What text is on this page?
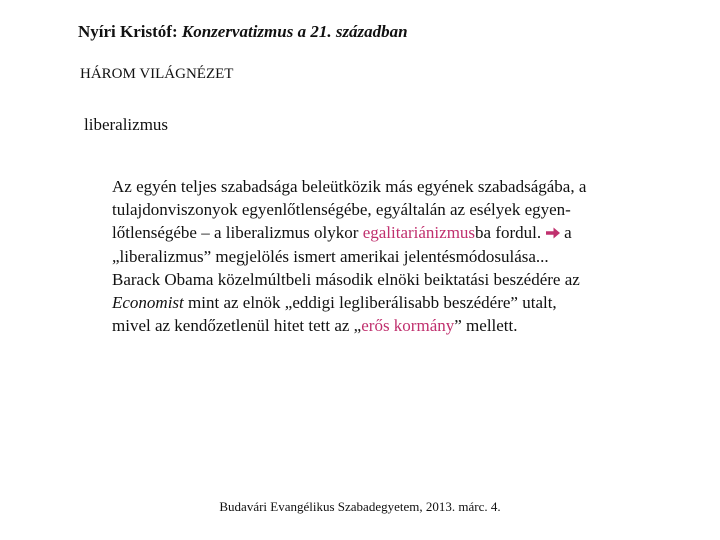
Nyíri Kristóf: Konzervatizmus a 21. században
HÁROM VILÁGNÉZET
liberalizmus
Az egyén teljes szabadsága beleütközik más egyének szabadságába, a
tulajdonviszonyok egyenlőtlenségébe, egyáltalán az esélyek egyen-
lőtlenségébe – a liberalizmus olykor egalitariánizmusba fordul. a
„liberalizmus” megjelölés ismert amerikai jelentésmódosulása...
Barack Obama közelmúltbeli második elnöki beiktatási beszédére az
Economist mint az elnök „eddigi legliberálisabb beszédére” utalt,
mivel az kendőzetlenül hitet tett az „erős kormány” mellett.
Budavári Evangélikus Szabadegyetem, 2013. márc. 4.
